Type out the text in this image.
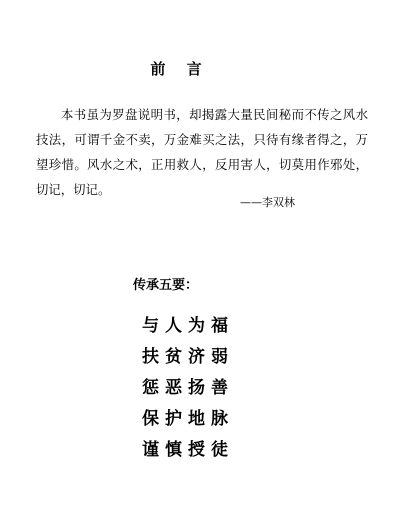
前 言

本书虽为罗盘说明书，却揭露大量民间秘而不传之风水技法，可谓千金不卖，万金难买之法，只待有缘者得之，万望珍惜。风水之术，正用救人，反用害人，切莫用作邪处，切记，切记。

——李双林
传承五要：
与人为福
扶贫济弱
惩恶扬善
保护地脉
谨慎授徒
